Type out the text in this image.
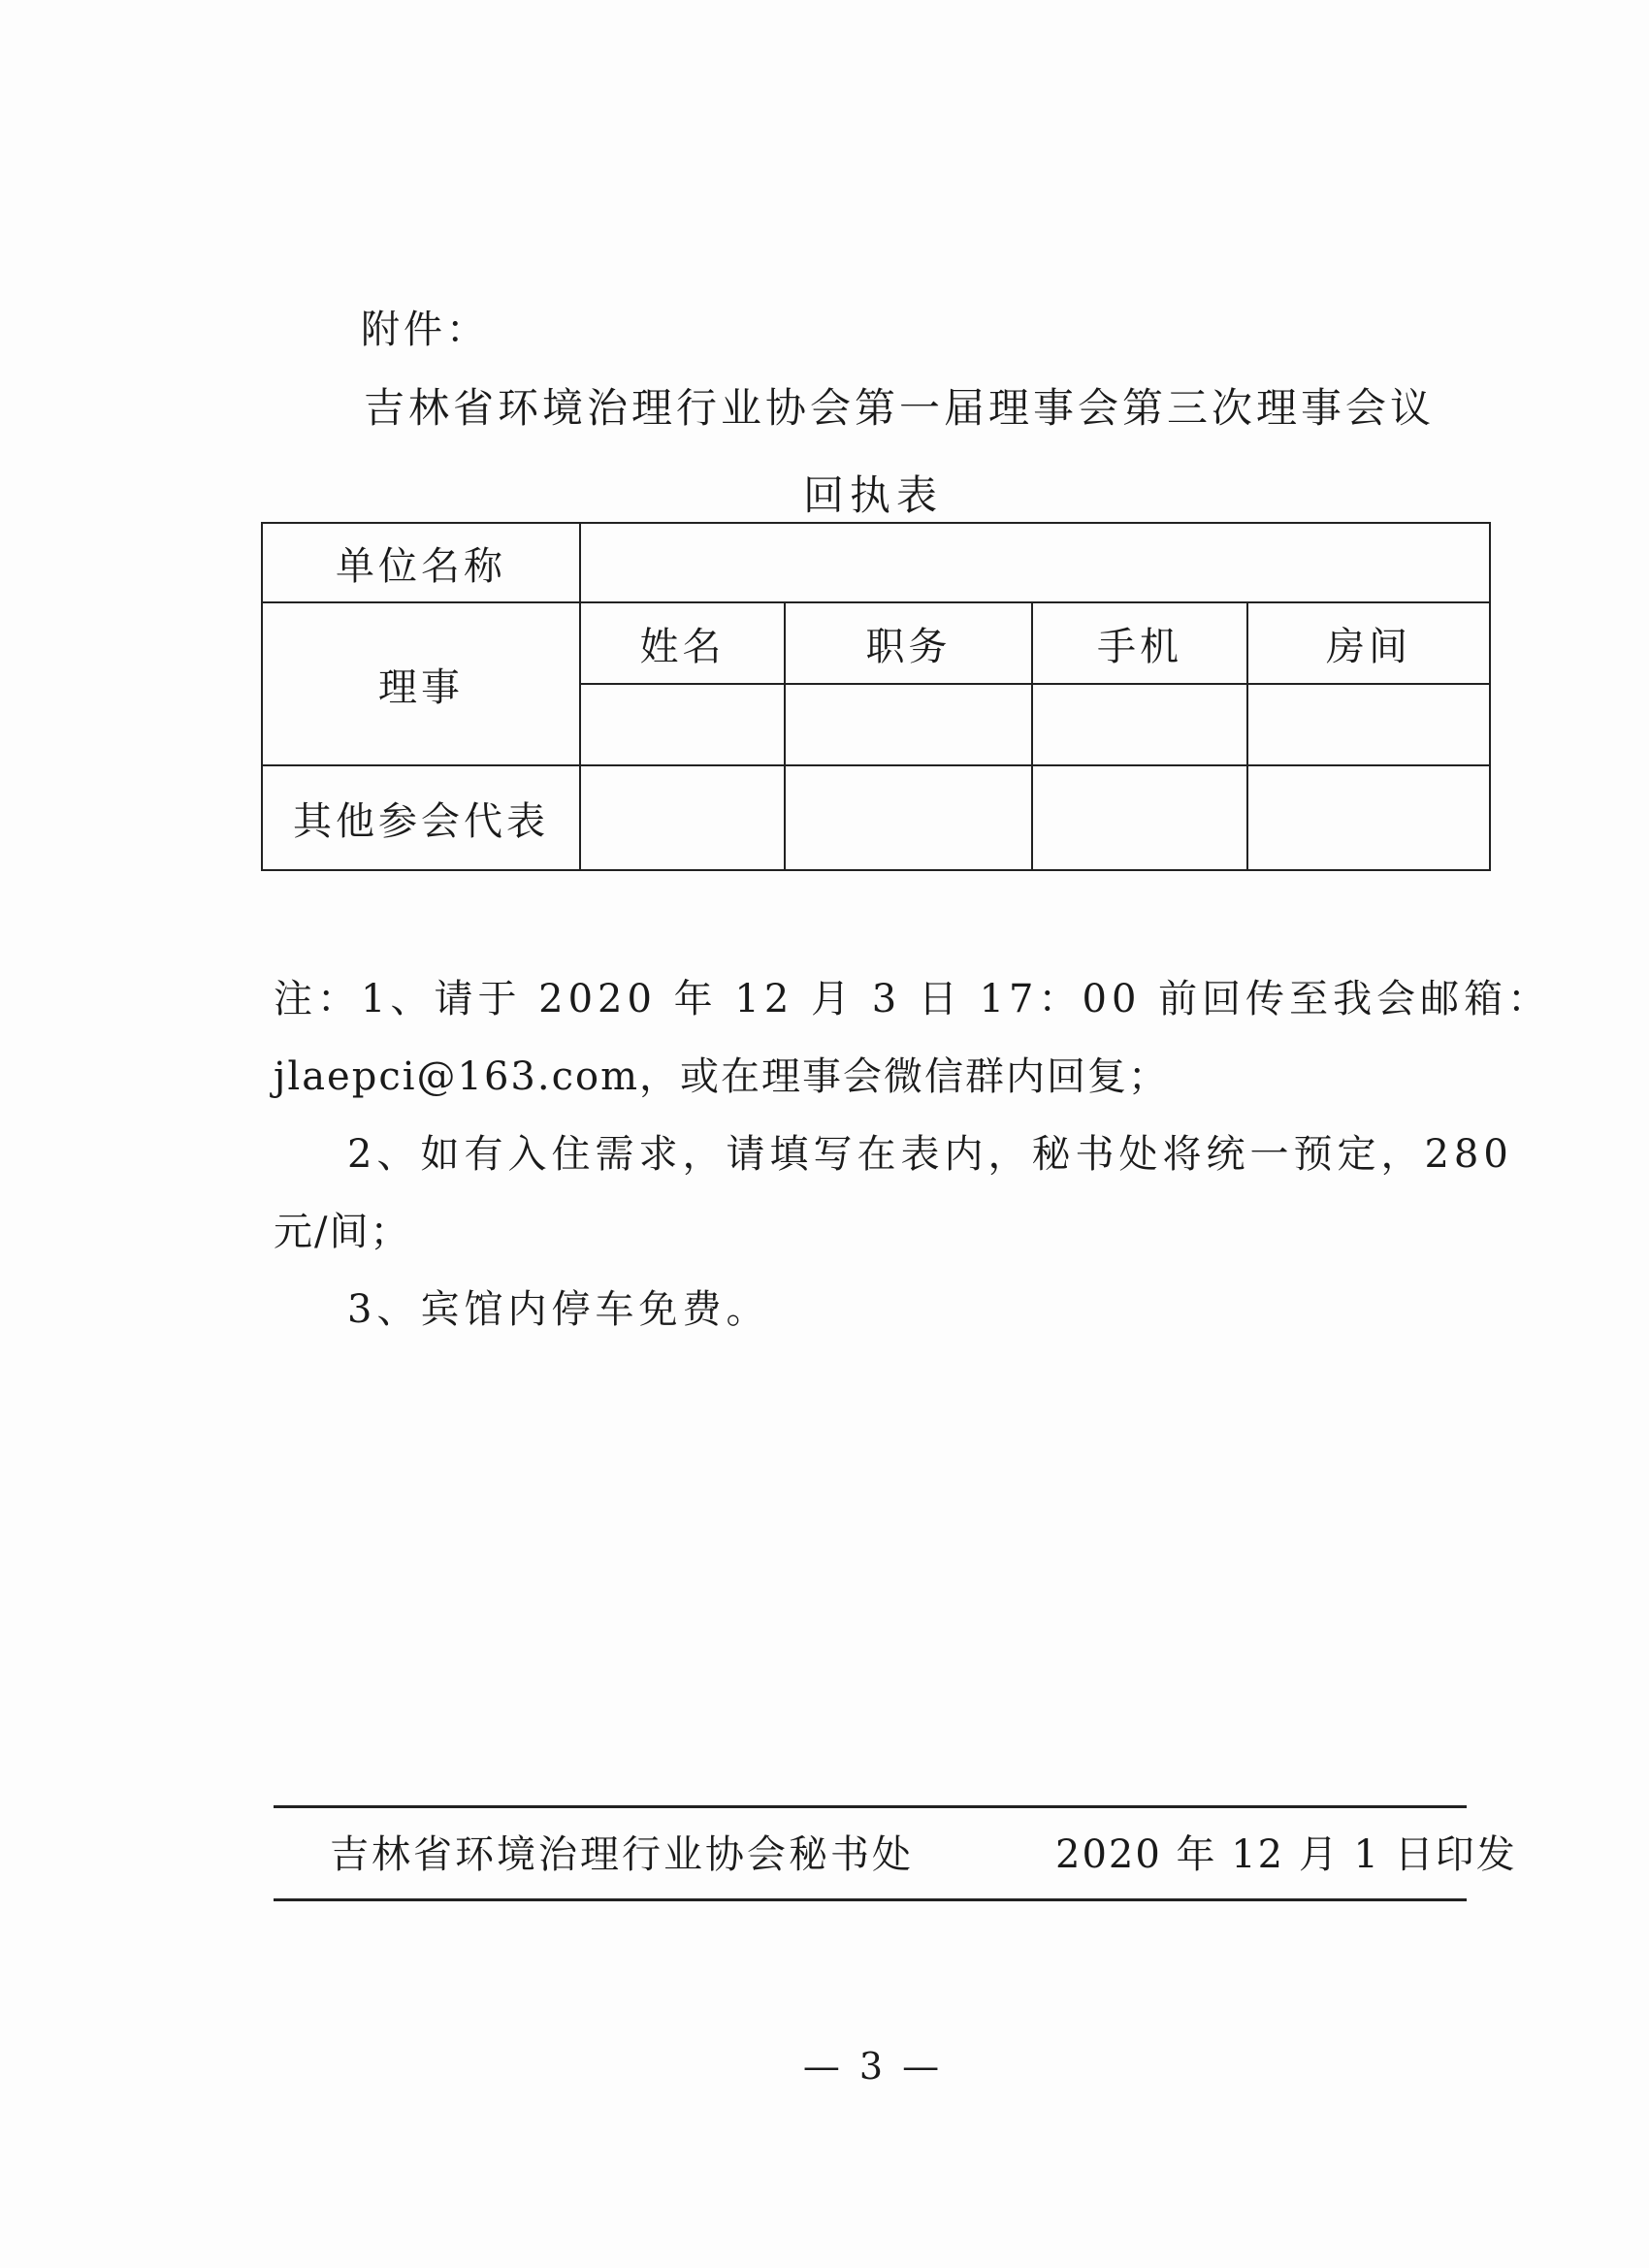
附件：
吉林省环境治理行业协会第一届理事会第三次理事会议
回执表
单位名称				
理事	姓名	职务	手机	房间

其他参会代表				

注：1、请于 2020 年 12 月 3 日 17：00 前回传至我会邮箱：

jlaepci@163.com，或在理事会微信群内回复；

2、如有入住需求，请填写在表内，秘书处将统一预定，280

元/间；

3、宾馆内停车免费。

吉林省环境治理行业协会秘书处	2020 年 12 月 1 日印发
— 3 —
